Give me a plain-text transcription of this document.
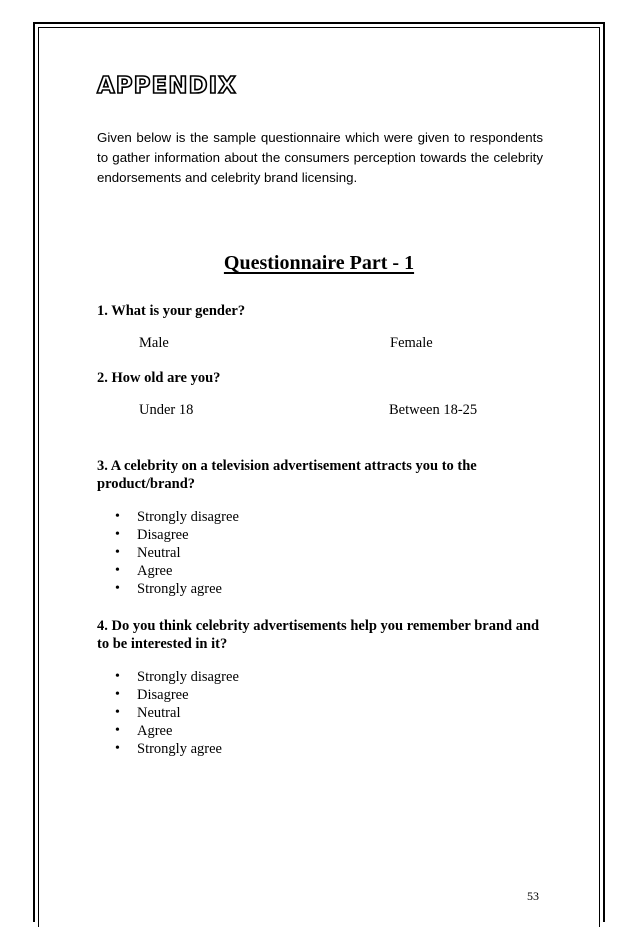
APPENDIX

Given below is the sample questionnaire which were given to respondents to gather information about the consumers perception towards the celebrity endorsements and celebrity brand licensing.

Questionnaire Part - 1

1. What is your gender?

Male	Female

2. How old are you?

Under 18	Between 18-25

3. A celebrity on a television advertisement attracts you to the product/brand?

• Strongly disagree
• Disagree
• Neutral
• Agree
• Strongly agree

4. Do you think celebrity advertisements help you remember brand and to be interested in it?

• Strongly disagree
• Disagree
• Neutral
• Agree
• Strongly agree

53
